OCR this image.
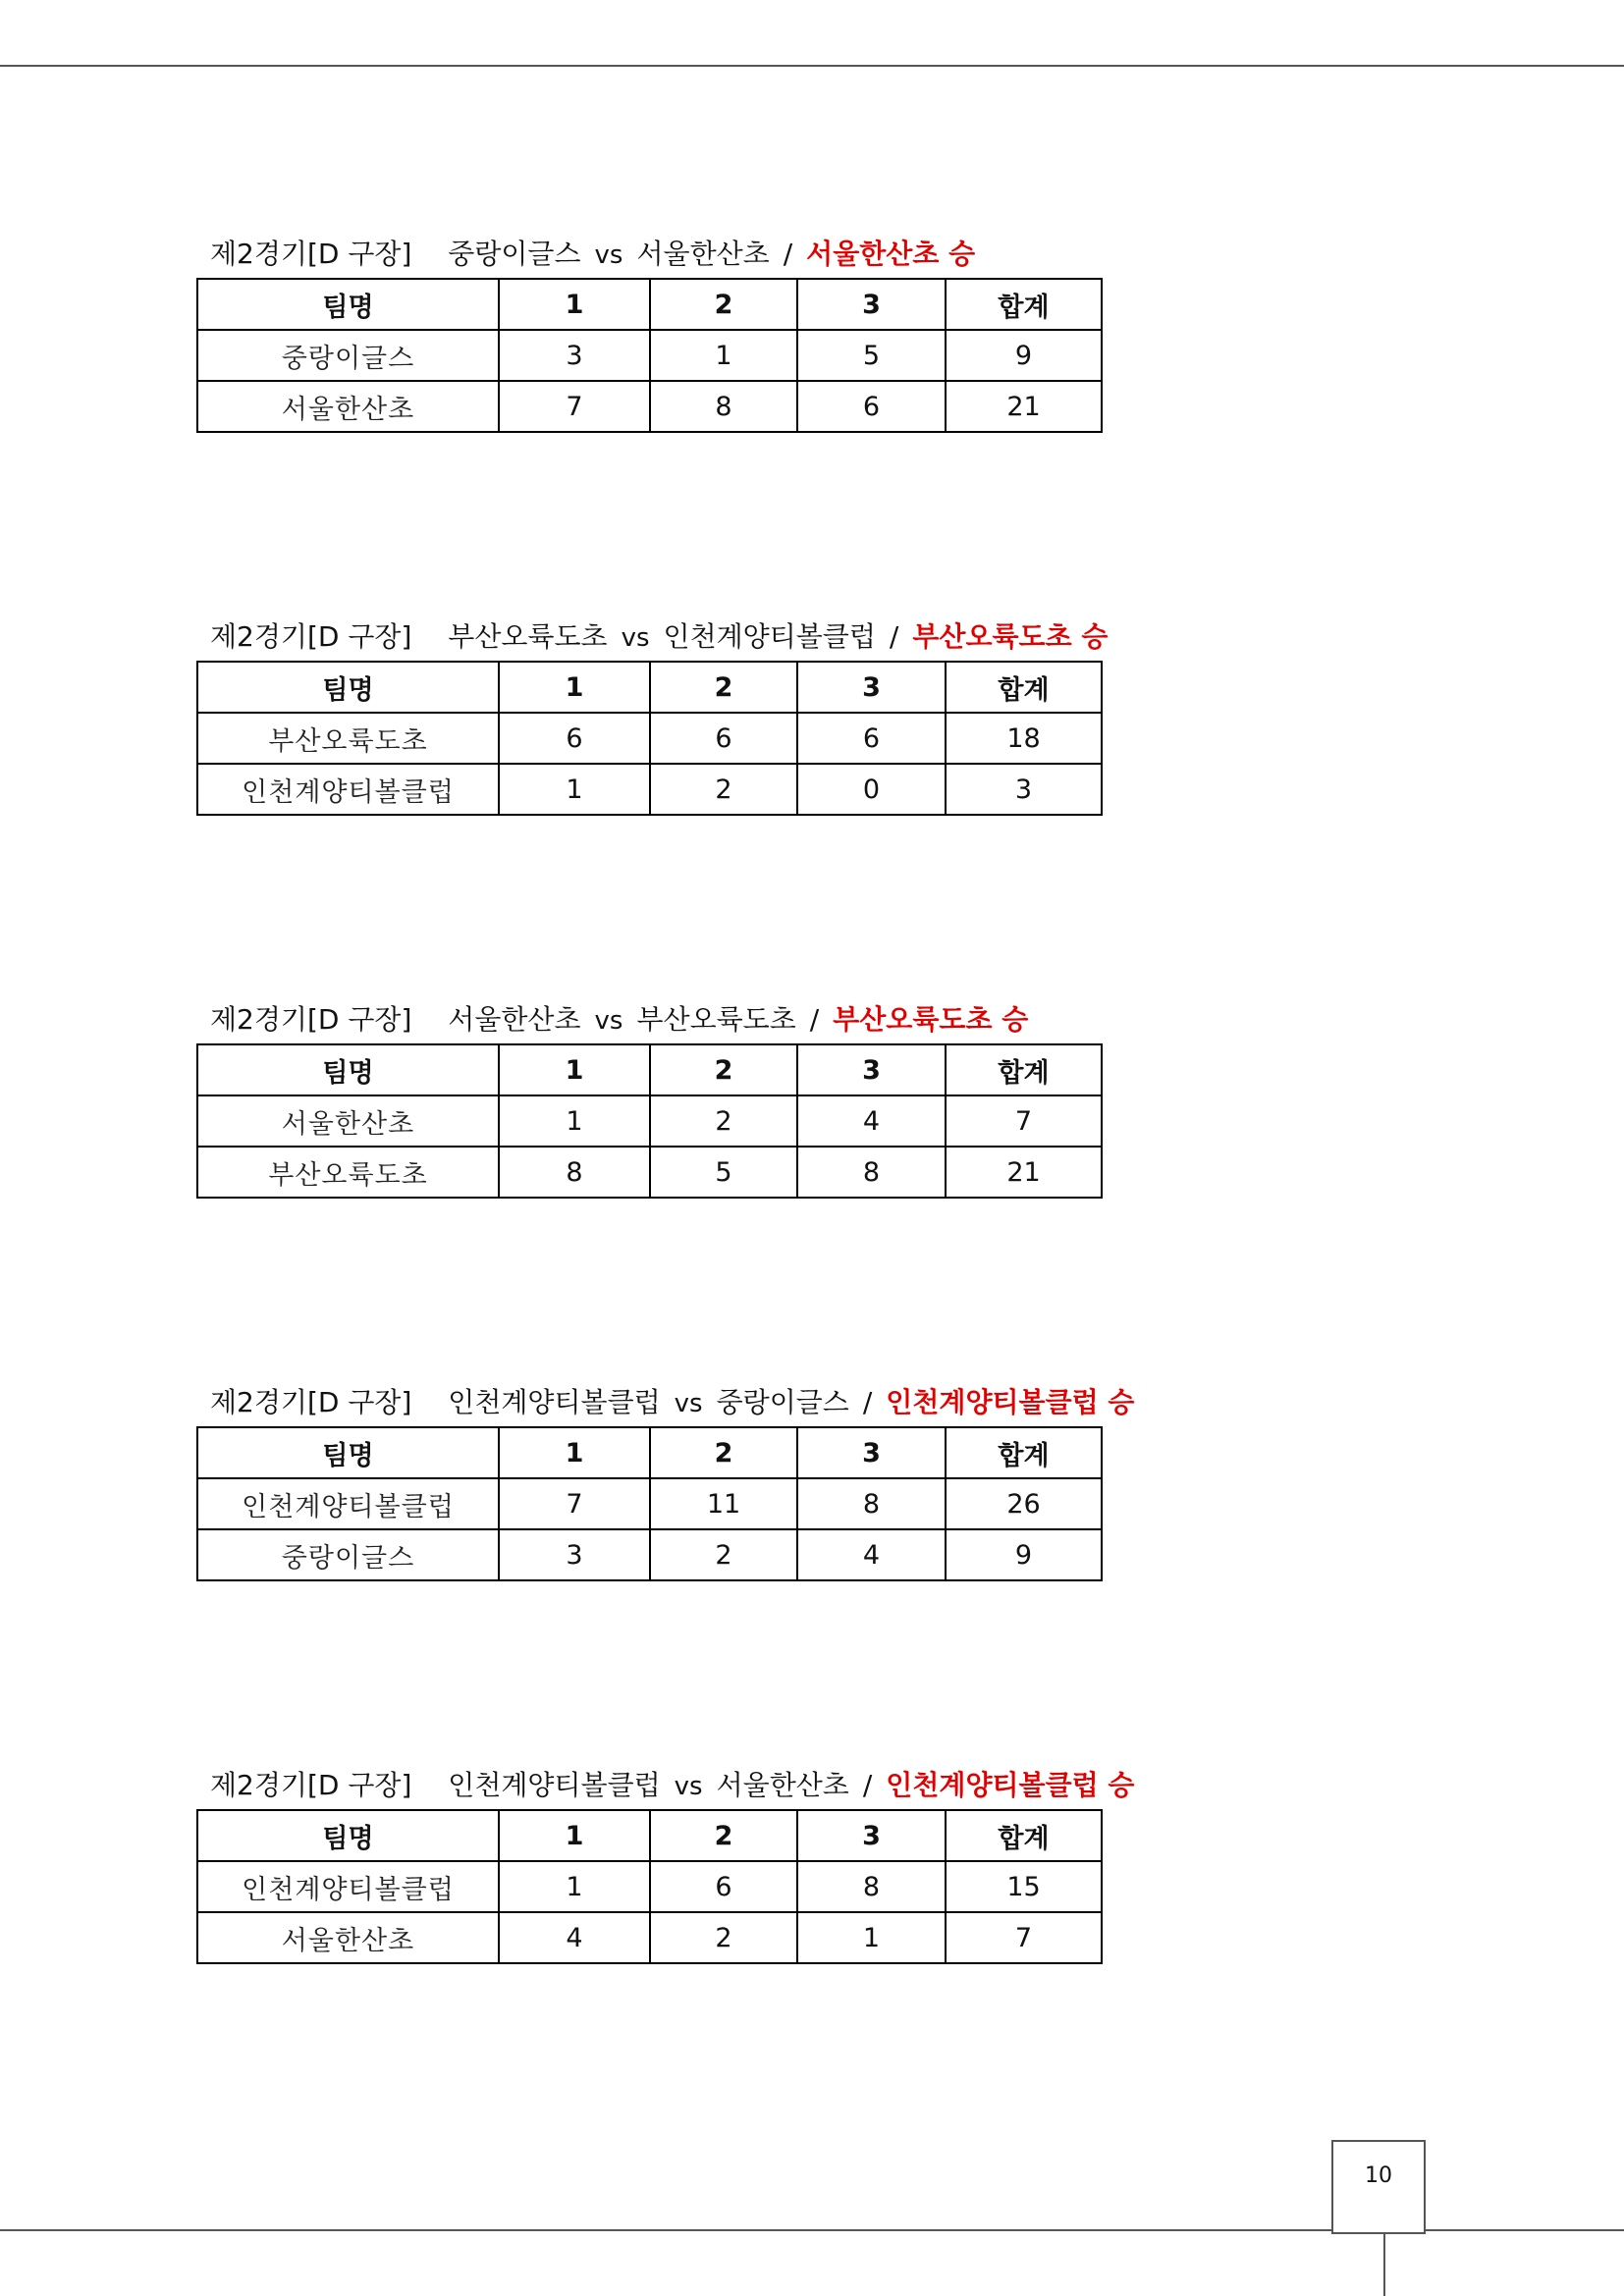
제2경기[D 구장] 중랑이글스 vs 서울한산초 / 서울한산초 승
팀명	1	2	3	합계
중랑이글스	3	1	5	9
서울한산초	7	8	6	21
제2경기[D 구장] 부산오륙도초 vs 인천계양티볼클럽 / 부산오륙도초 승
팀명	1	2	3	합계
부산오륙도초	6	6	6	18
인천계양티볼클럽	1	2	0	3
제2경기[D 구장] 서울한산초 vs 부산오륙도초 / 부산오륙도초 승
팀명	1	2	3	합계
서울한산초	1	2	4	7
부산오륙도초	8	5	8	21
제2경기[D 구장] 인천계양티볼클럽 vs 중랑이글스 / 인천계양티볼클럽 승
팀명	1	2	3	합계
인천계양티볼클럽	7	11	8	26
중랑이글스	3	2	4	9
제2경기[D 구장] 인천계양티볼클럽 vs 서울한산초 / 인천계양티볼클럽 승
팀명	1	2	3	합계
인천계양티볼클럽	1	6	8	15
서울한산초	4	2	1	7
10
